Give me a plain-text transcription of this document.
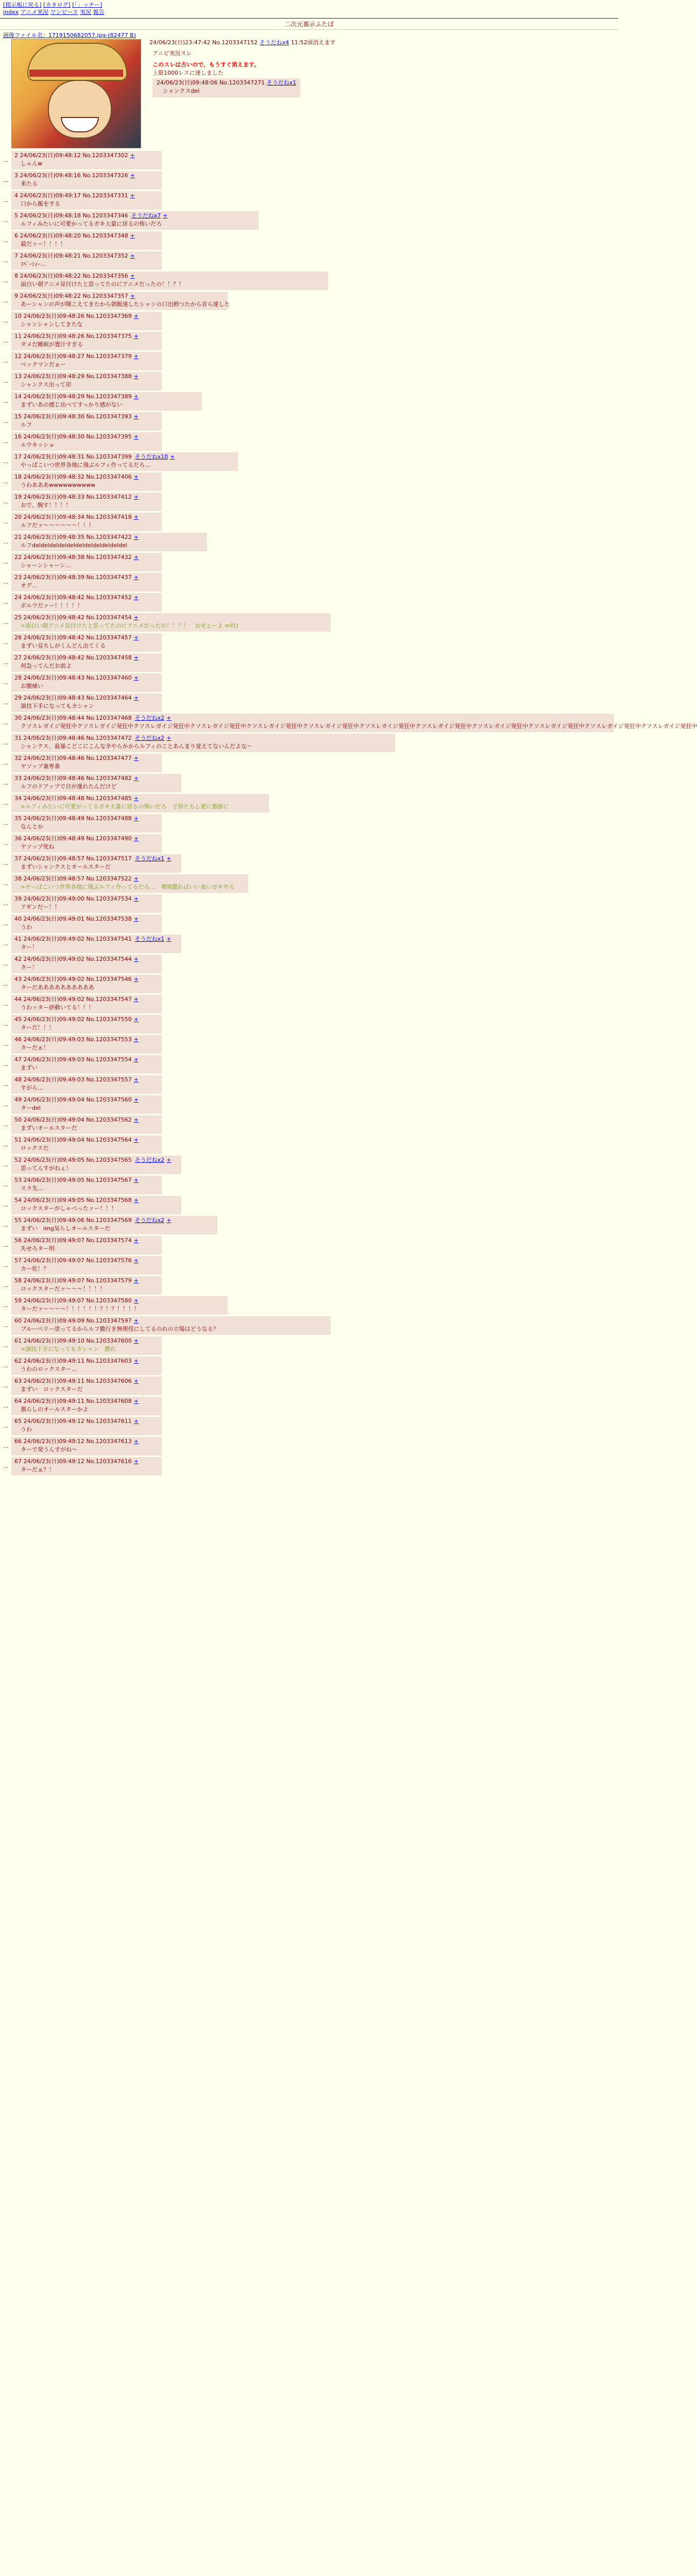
[掲示板に戻る] [カタログ] [「」ッチー]
index アニメ実況 ワンピース 実況 報告
二次元裏＠ふたば
画像ファイル名：1719150682057.jpg-(82477 B)
24/06/23(日)23:47:42 No.1203347152 そうだねx4 11:52頃消えます
アニビ実況スレ
このスレは古いので、もうすぐ消えます。
上限1000レスに達しました
24/06/23(日)09:48:06 No.1203347271 そうだねx1
シャンクスdel
…
2 24/06/23(日)09:48:12 No.1203347302 +
しゃんw
…
3 24/06/23(日)09:48:16 No.1203347326 +
来たる
…
4 24/06/23(日)09:49:17 No.1203347331 +
口から飯をする
…
5 24/06/23(日)09:48:18 No.1203347346 そうだねx7 +
ルフィみたいに可愛かってるガキ大量に居るの怖いだろ
…
6 24/06/23(日)09:48:20 No.1203347348 +
最だァー！！！！
…
7 24/06/23(日)09:48:21 No.1203347352 +
ｺﾊﾞｰｼｨｰ…
…
8 24/06/23(日)09:48:22 No.1203347356 +
面白い朝アニメ見付けたと思ってたのにアニメだったの！！？！
…
9 24/06/23(日)09:48:22 No.1203347357 +
あーシャンの声が聞こえてきたから朝飯達したシャンの口出鱈つたから音ら達した
…
10 24/06/23(日)09:48:26 No.1203347369 +
シャンシャンしてきたな
…
11 24/06/23(日)09:48:26 No.1203347375 +
ダメだ睡眠が置汗すぎる
…
12 24/06/23(日)09:48:27 No.1203347379 +
ペックマンだぁー
…
13 24/06/23(日)09:48:29 No.1203347388 +
シャンクス出って形
…
14 24/06/23(日)09:48:29 No.1203347389 +
まずいあの感じ出べてすっかり感がない
…
15 24/06/23(日)09:48:30 No.1203347393 +
ルフ
…
16 24/06/23(日)09:48:30 No.1203347395 +
ルウキッショ
…
17 24/06/23(日)09:48:31 No.1203347399 そうだねx10 +
やっぱこいつ世界各地に飛ぶルフィ作ってるだろ…
…
18 24/06/23(日)09:48:32 No.1203347406 +
うわあああwwwwwwwwww
…
19 24/06/23(日)09:48:33 No.1203347412 +
おで、腕す！！！！
…
20 24/06/23(日)09:48:34 No.1203347418 +
ルフだァ～～～～～～！！！
…
21 24/06/23(日)09:48:35 No.1203347422 +
ルフdeldeldeldeldeldeldeldeldeldeldel
…
22 24/06/23(日)09:48:38 No.1203347432 +
シャーンシャーン…
…
23 24/06/23(日)09:48:39 No.1203347437 +
オデ…
…
24 24/06/23(日)09:48:42 No.1203347452 +
ボルウだァー！！！！！
…
25 24/06/23(日)09:48:42 No.1203347454 +
>面白い朝アニメ見付けたと思ってたのにアニメだったの！！？！　おせぇーよ ｗ吋)
…
26 24/06/23(日)09:48:42 No.1203347457 +
まずい見ちしがくんどん出てくる
…
27 24/06/23(日)09:48:42 No.1203347458 +
何急ってんだお前よ
…
28 24/06/23(日)09:48:43 No.1203347460 +
お腹痛い
…
29 24/06/23(日)09:48:43 No.1203347464 +
演技下手になってもカシャン
…
30 24/06/23(日)09:48:44 No.1203347468 そうだねx2 +
クソスレガイジ発狂中クソスレガイジ発狂中クソスレガイジ発狂中クソスレガイジ発狂中クソスレガイジ発狂中クソスレガイジ発狂中クソスレガイジ発狂中クソスレガイジ発狂中クソスレガイジ発狂中クソスレガイジ発狂中クソスレガイジ発狂中クソスレガイジ発狂中
…
31 24/06/23(日)09:48:46 No.1203347472 そうだねx2 +
シャンクス、最暴こどこにこんな辛やらかからルフィのことあんまり覚えてないんだよな～
…
32 24/06/23(日)09:48:46 No.1203347477 +
ヤソップ兼専番
…
33 24/06/23(日)09:48:46 No.1203347482 +
ルフのドアップで自が運れたんだけど
…
34 24/06/23(日)09:48:48 No.1203347485 +
>ルフィみたいに可愛がってるガキ大量に居るの怖いだろ　子供たちし更に悪掛に
…
35 24/06/23(日)09:48:49 No.1203347488 +
なんとか
…
36 24/06/23(日)09:48:49 No.1203347490 +
ヤソップ死ね
…
37 24/06/23(日)09:48:57 No.1203347517 そうだねx1 +
まずいシャンクスとオールスターだ
…
38 24/06/23(日)09:48:57 No.1203347522 +
>やっぱこいつ世界各地に飛ぶルフィ作ってるだろ…　増殖鑑ればいい並いガキやろ
…
39 24/06/23(日)09:49:00 No.1203347534 +
アギンだー！！
…
40 24/06/23(日)09:49:01 No.1203347538 +
うわ
…
41 24/06/23(日)09:49:02 No.1203347541 そうだねx1 +
ター！
…
42 24/06/23(日)09:49:02 No.1203347544 +
ター！
…
43 24/06/23(日)09:49:02 No.1203347546 +
ターだああああああああああ
…
44 24/06/23(日)09:49:02 No.1203347547 +
うわッター砂動いてる！！！
…
45 24/06/23(日)09:49:02 No.1203347550 +
ターだ！！！
…
46 24/06/23(日)09:49:03 No.1203347553 +
ターだぁ！
…
47 24/06/23(日)09:49:03 No.1203347554 +
まずい
…
48 24/06/23(日)09:49:03 No.1203347557 +
すがら…
…
49 24/06/23(日)09:49:04 No.1203347560 +
ターdel
…
50 24/06/23(日)09:49:04 No.1203347562 +
まずいオールスターだ
…
51 24/06/23(日)09:49:04 No.1203347564 +
ロックスだ
…
52 24/06/23(日)09:49:05 No.1203347565 そうだねx2 +
思ってんすがねぇ！
…
53 24/06/23(日)09:49:05 No.1203347567 +
スラ先…
…
54 24/06/23(日)09:49:05 No.1203347568 +
ロックスターがしゃべったァー！！！
…
55 24/06/23(日)09:49:06 No.1203347569 そうだねx2 +
まずい　img気らしオールスターだ
…
56 24/06/23(日)09:49:07 No.1203347574 +
失せろター明
…
57 24/06/23(日)09:49:07 No.1203347576 +
カー佐！？
…
58 24/06/23(日)09:49:07 No.1203347579 +
ロックスターだァ～～～！！！！
…
59 24/06/23(日)09:49:07 No.1203347580 +
ターだァ～～～～！！！！！！？！？！！！！
…
60 24/06/23(日)09:49:09 No.1203347597 +
ブルーペリー塗ってるからルフ撒行き無理役にしてるのれの立場はどうなる？
…
61 24/06/23(日)09:49:10 No.1203347600 +
>演技下手になってもカシャン　勝れ
…
62 24/06/23(日)09:49:11 No.1203347603 +
うわのロックスター…
…
63 24/06/23(日)09:49:11 No.1203347606 +
まずい　ロックスターだ
…
64 24/06/23(日)09:49:11 No.1203347608 +
悪らしのオールスターかよ
…
65 24/06/23(日)09:49:12 No.1203347611 +
うわ
…
66 24/06/23(日)09:49:12 No.1203347613 +
ターで発うんすがね～
…
67 24/06/23(日)09:49:12 No.1203347616 +
ターだぁ？！
